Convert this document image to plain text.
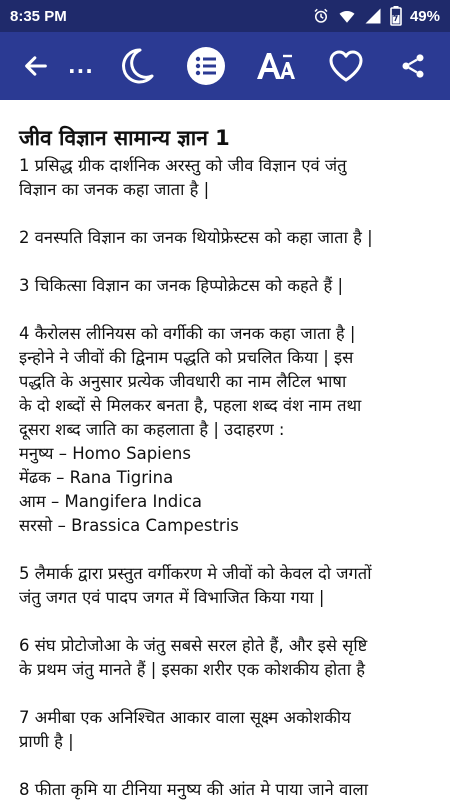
8:35 PM	49%
...
जीव विज्ञान सामान्य ज्ञान 1
1 प्रसिद्ध ग्रीक दार्शनिक अरस्तु को जीव विज्ञान एवं जंतु
विज्ञान का जनक कहा जाता है |
2 वनस्पति विज्ञान का जनक थियोफ्रेस्टस को कहा जाता है |
3 चिकित्सा विज्ञान का जनक हिप्पोक्रेटस को कहते हैं |
4 कैरोलस लीनियस को वर्गीकी का जनक कहा जाता है |
इन्होने ने जीवों की द्विनाम पद्धति को प्रचलित किया | इस
पद्धति के अनुसार प्रत्येक जीवधारी का नाम लैटिल भाषा
के दो शब्दों से मिलकर बनता है, पहला शब्द वंश नाम तथा
दूसरा शब्द जाति का कहलाता है | उदाहरण :
मनुष्य – Homo Sapiens
मेंढक – Rana Tigrina
आम – Mangifera Indica
सरसो – Brassica Campestris
5 लैमार्क द्वारा प्रस्तुत वर्गीकरण मे जीवों को केवल दो जगतों
जंतु जगत एवं पादप जगत में विभाजित किया गया |
6 संघ प्रोटोजोआ के जंतु सबसे सरल होते हैं, और इसे सृष्टि
के प्रथम जंतु मानते हैं | इसका शरीर एक कोशकीय होता है
7 अमीबा एक अनिश्चित आकार वाला सूक्ष्म अकोशकीय
प्राणी है |
8 फीता कृमि या टीनिया मनुष्य की आंत मे पाया जाने वाला
